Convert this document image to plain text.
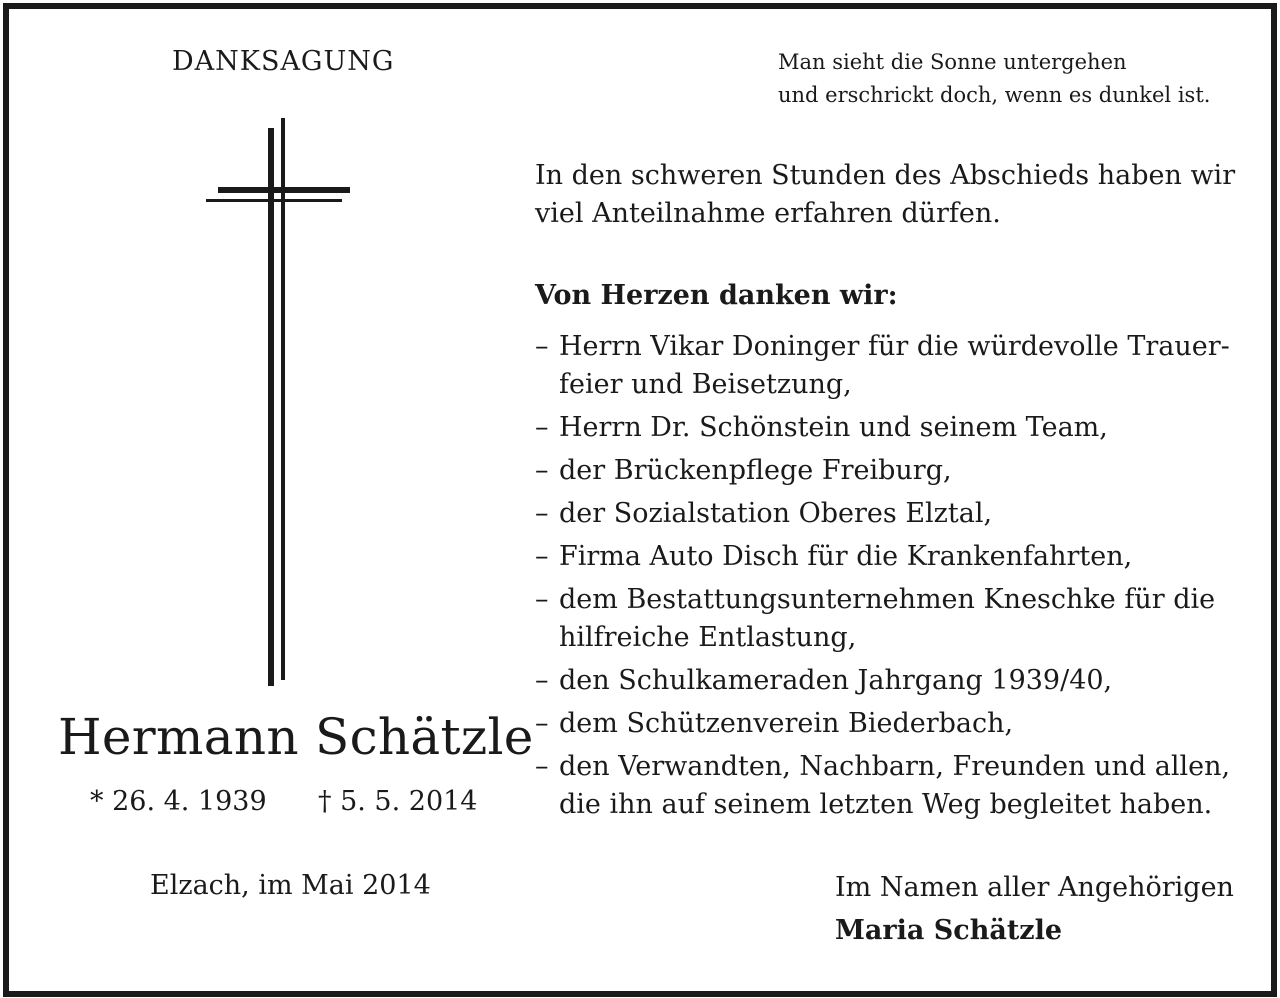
DANKSAGUNG
Hermann Schätzle
* 26. 4. 1939 † 5. 5. 2014
Elzach, im Mai 2014
Man sieht die Sonne untergehen
und erschrickt doch, wenn es dunkel ist.
In den schweren Stunden des Abschieds haben wir
viel Anteilnahme erfahren dürfen.
Von Herzen danken wir:
– Herrn Vikar Doninger für die würdevolle Trauer-
feier und Beisetzung,
– Herrn Dr. Schönstein und seinem Team,
– der Brückenpflege Freiburg,
– der Sozialstation Oberes Elztal,
– Firma Auto Disch für die Krankenfahrten,
– dem Bestattungsunternehmen Kneschke für die
hilfreiche Entlastung,
– den Schulkameraden Jahrgang 1939/40,
– dem Schützenverein Biederbach,
– den Verwandten, Nachbarn, Freunden und allen,
die ihn auf seinem letzten Weg begleitet haben.
Im Namen aller Angehörigen
Maria Schätzle
